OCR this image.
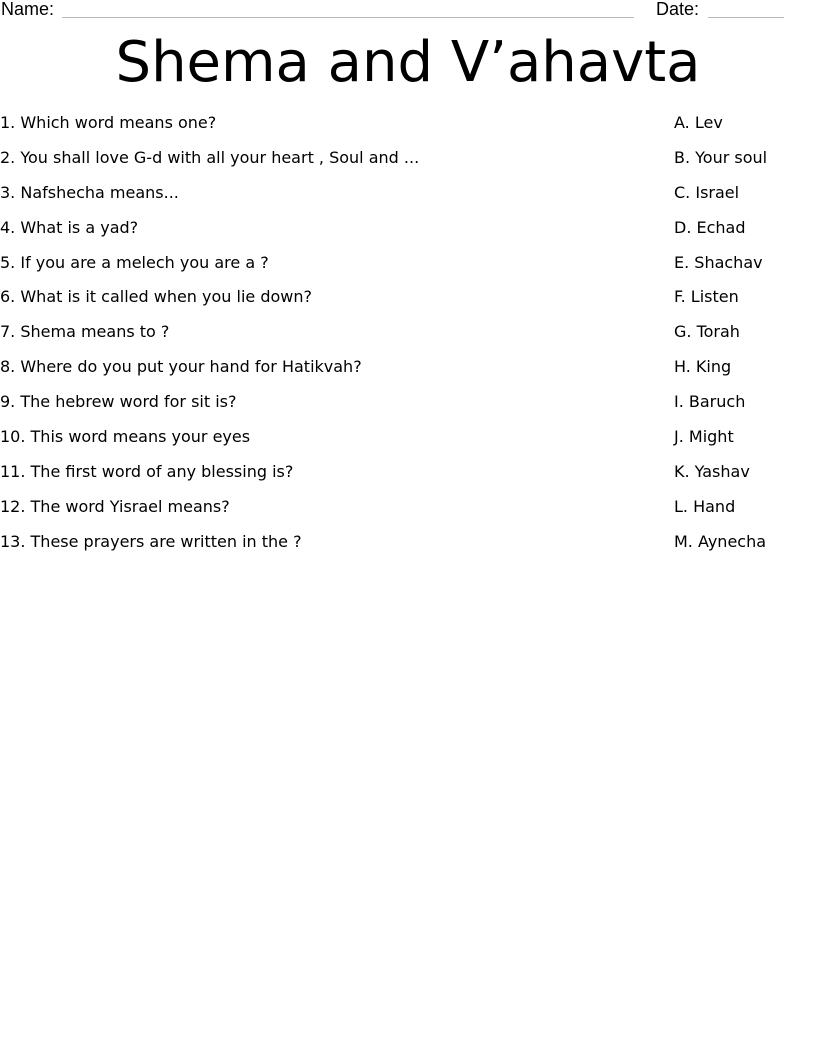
Name:	Date:
Shema and V’ahavta
1. Which word means one?
2. You shall love G-d with all your heart , Soul and ...
3. Nafshecha means...
4. What is a yad?
5. If you are a melech you are a ?
6. What is it called when you lie down?
7. Shema means to ?
8. Where do you put your hand for Hatikvah?
9. The hebrew word for sit is?
10. This word means your eyes
11. The first word of any blessing is?
12. The word Yisrael means?
13. These prayers are written in the ?
A. Lev
B. Your soul
C. Israel
D. Echad
E. Shachav
F. Listen
G. Torah
H. King
I. Baruch
J. Might
K. Yashav
L. Hand
M. Aynecha
